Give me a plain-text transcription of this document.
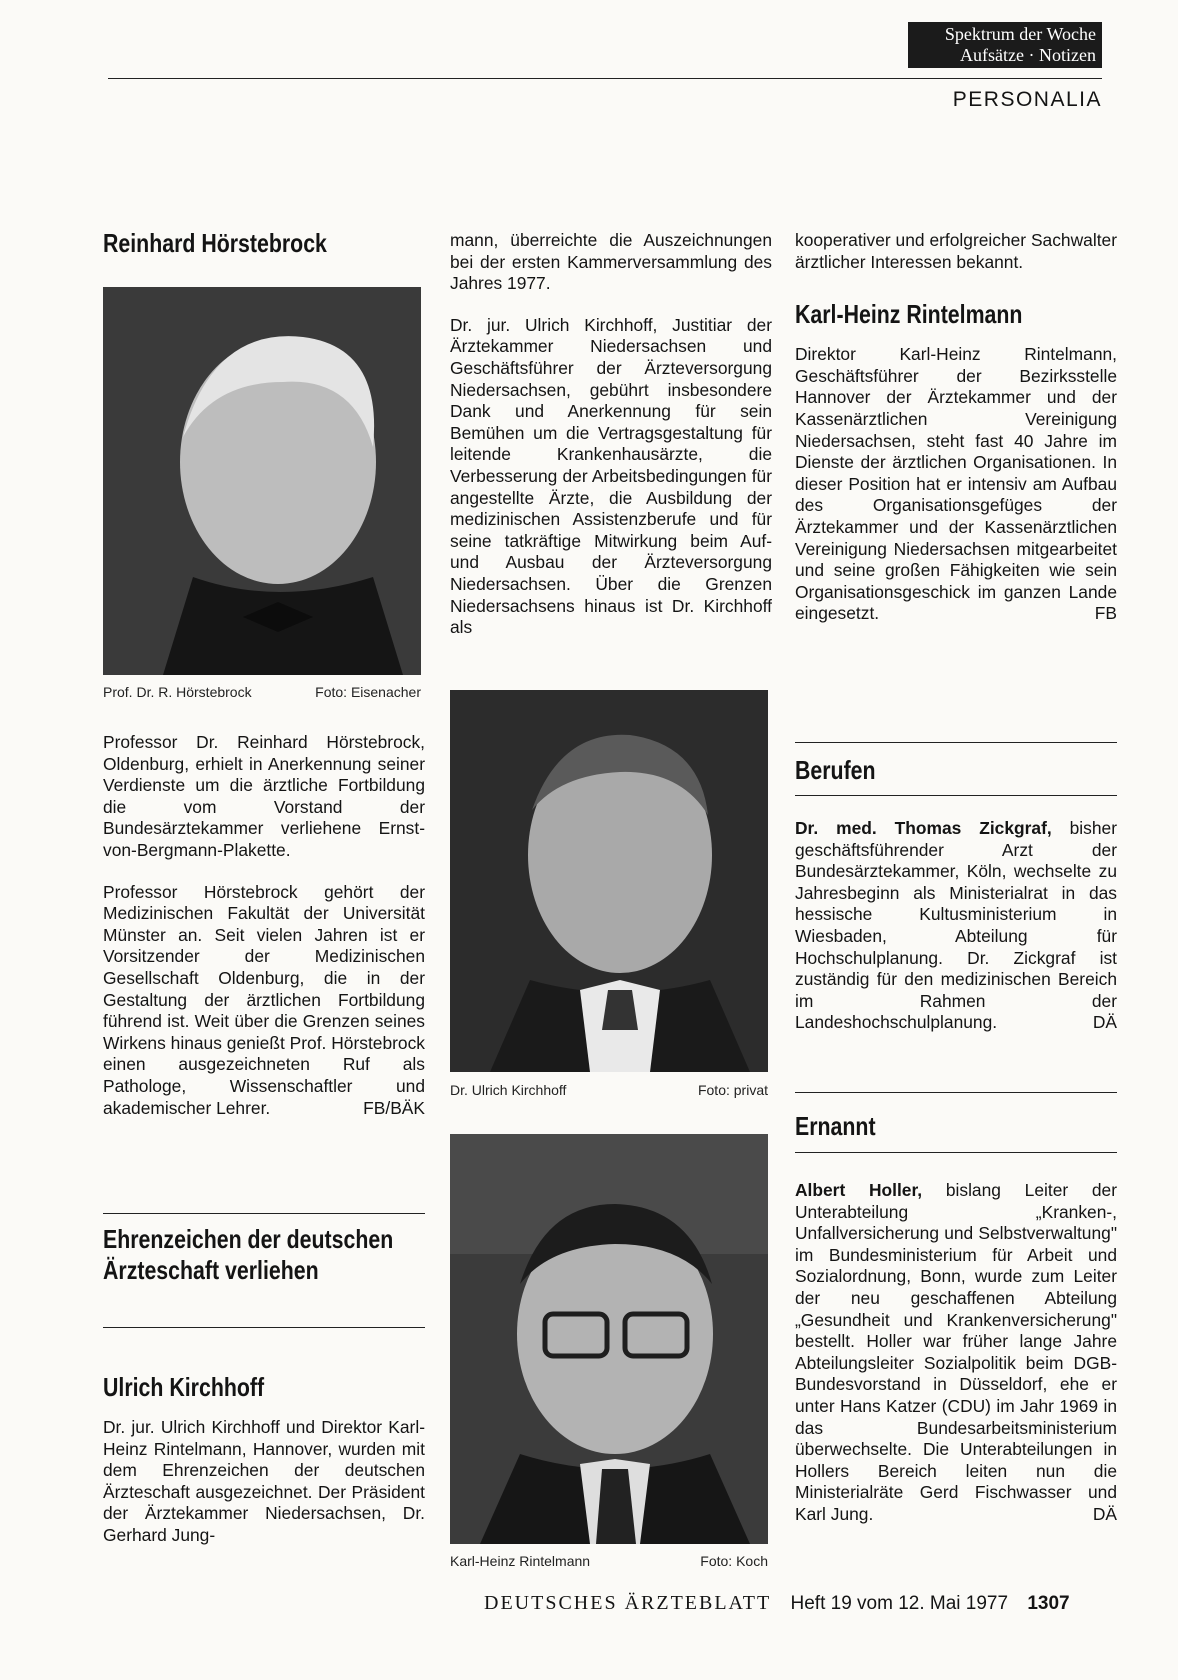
Spektrum der Woche
Aufsätze · Notizen
PERSONALIA
Reinhard Hörstebrock
Prof. Dr. R. Hörstebrock	Foto: Eisenacher

Professor Dr. Reinhard Hörstebrock, Oldenburg, erhielt in Anerkennung seiner Verdienste um die ärztliche Fortbildung die vom Vorstand der Bundesärztekammer verliehene Ernst-von-Bergmann-Plakette.

Professor Hörstebrock gehört der Medizinischen Fakultät der Universität Münster an. Seit vielen Jahren ist er Vorsitzender der Medizinischen Gesellschaft Oldenburg, die in der Gestaltung der ärztlichen Fortbildung führend ist. Weit über die Grenzen seines Wirkens hinaus genießt Prof. Hörstebrock einen ausgezeichneten Ruf als Pathologe, Wissenschaftler und akademischer Lehrer.	FB/BÄK

Ehrenzeichen der deutschen Ärzteschaft verliehen
Ulrich Kirchhoff

Dr. jur. Ulrich Kirchhoff und Direktor Karl-Heinz Rintelmann, Hannover, wurden mit dem Ehrenzeichen der deutschen Ärzteschaft ausgezeichnet. Der Präsident der Ärztekammer Niedersachsen, Dr. Gerhard Jung-

mann, überreichte die Auszeichnungen bei der ersten Kammerversammlung des Jahres 1977.

Dr. jur. Ulrich Kirchhoff, Justitiar der Ärztekammer Niedersachsen und Geschäftsführer der Ärzteversorgung Niedersachsen, gebührt insbesondere Dank und Anerkennung für sein Bemühen um die Vertragsgestaltung für leitende Krankenhausärzte, die Verbesserung der Arbeitsbedingungen für angestellte Ärzte, die Ausbildung der medizinischen Assistenzberufe und für seine tatkräftige Mitwirkung beim Auf- und Ausbau der Ärzteversorgung Niedersachsen. Über die Grenzen Niedersachsens hinaus ist Dr. Kirchhoff als

Dr. Ulrich Kirchhoff	Foto: privat
Karl-Heinz Rintelmann	Foto: Koch

kooperativer und erfolgreicher Sachwalter ärztlicher Interessen bekannt.

Karl-Heinz Rintelmann

Direktor Karl-Heinz Rintelmann, Geschäftsführer der Bezirksstelle Hannover der Ärztekammer und der Kassenärztlichen Vereinigung Niedersachsen, steht fast 40 Jahre im Dienste der ärztlichen Organisationen. In dieser Position hat er intensiv am Aufbau des Organisationsgefüges der Ärztekammer und der Kassenärztlichen Vereinigung Niedersachsen mitgearbeitet und seine großen Fähigkeiten wie sein Organisationsgeschick im ganzen Lande eingesetzt.	FB

Berufen

Dr. med. Thomas Zickgraf, bisher geschäftsführender Arzt der Bundesärztekammer, Köln, wechselte zu Jahresbeginn als Ministerialrat in das hessische Kultusministerium in Wiesbaden, Abteilung für Hochschulplanung. Dr. Zickgraf ist zuständig für den medizinischen Bereich im Rahmen der Landeshochschulplanung.	DÄ

Ernannt

Albert Holler, bislang Leiter der Unterabteilung „Kranken-, Unfallversicherung und Selbstverwaltung" im Bundesministerium für Arbeit und Sozialordnung, Bonn, wurde zum Leiter der neu geschaffenen Abteilung „Gesundheit und Krankenversicherung" bestellt. Holler war früher lange Jahre Abteilungsleiter Sozialpolitik beim DGB-Bundesvorstand in Düsseldorf, ehe er unter Hans Katzer (CDU) im Jahr 1969 in das Bundesarbeitsministerium überwechselte. Die Unterabteilungen in Hollers Bereich leiten nun die Ministerialräte Gerd Fischwasser und Karl Jung.	DÄ

DEUTSCHES ÄRZTEBLATT Heft 19 vom 12. Mai 1977 1307
